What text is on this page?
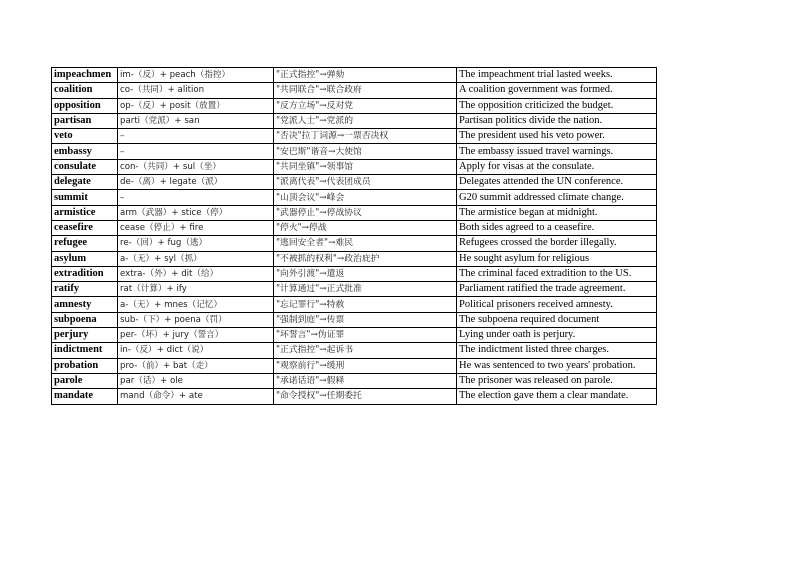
impeachmen	im-（反）+ peach（指控）	"正式指控"→弹劾	The impeachment trial lasted weeks.
coalition	co-（共同）+ alition	"共同联合"→联合政府	A coalition government was formed.
opposition	op-（反）+ posit（放置）	"反方立场"→反对党	The opposition criticized the budget.
partisan	parti（党派）+ san	"党派人士"→党派的	Partisan politics divide the nation.
veto	–	"否决"拉丁词源→一票否决权	The president used his veto power.
embassy	–	"安巴斯"谐音→大使馆	The embassy issued travel warnings.
consulate	con-（共同）+ sul（坐）	"共同坐镇"→领事馆	Apply for visas at the consulate.
delegate	de-（离）+ legate（派）	"派离代表"→代表团成员	Delegates attended the UN conference.
summit	–	"山顶会议"→峰会	G20 summit addressed climate change.
armistice	arm（武器）+ stice（停）	"武器停止"→停战协议	The armistice began at midnight.
ceasefire	cease（停止）+ fire	"停火"→停战	Both sides agreed to a ceasefire.
refugee	re-（回）+ fug（逃）	"逃回安全者"→难民	Refugees crossed the border illegally.
asylum	a-（无）+ syl（抓）	"不被抓的权利"→政治庇护	He sought asylum for religious
extradition	extra-（外）+ dit（给）	"向外引渡"→遣返	The criminal faced extradition to the US.
ratify	rat（计算）+ ify	"计算通过"→正式批准	Parliament ratified the trade agreement.
amnesty	a-（无）+ mnes（记忆）	"忘记罪行"→特赦	Political prisoners received amnesty.
subpoena	sub-（下）+ poena（罚）	"强制到庭"→传票	The subpoena required document
perjury	per-（坏）+ jury（誓言）	"坏誓言"→伪证罪	Lying under oath is perjury.
indictment	in-（反）+ dict（说）	"正式指控"→起诉书	The indictment listed three charges.
probation	pro-（前）+ bat（走）	"观察前行"→缓刑	He was sentenced to two years' probation.
parole	par（话）+ ole	"承诺话语"→假释	The prisoner was released on parole.
mandate	mand（命令）+ ate	"命令授权"→任期委托	The election gave them a clear mandate.
